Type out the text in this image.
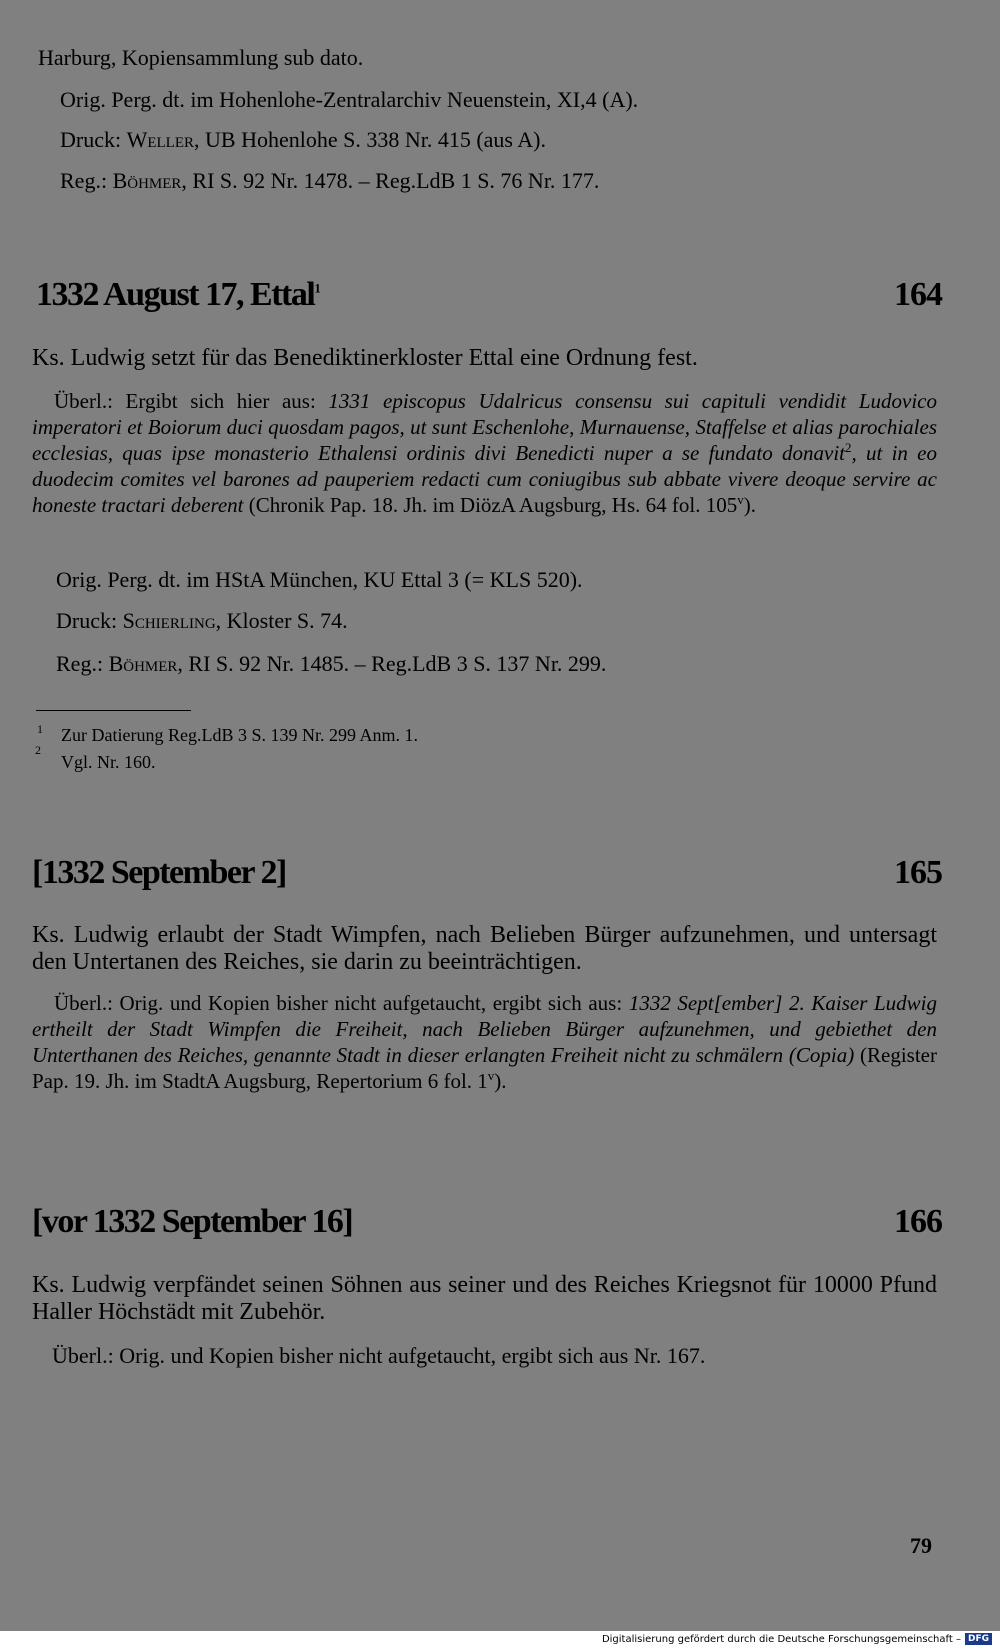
Harburg, Kopiensammlung sub dato.
Orig. Perg. dt. im Hohenlohe-Zentralarchiv Neuenstein, XI,4 (A).
Druck: Weller, UB Hohenlohe S. 338 Nr. 415 (aus A).
Reg.: Böhmer, RI S. 92 Nr. 1478. – Reg.LdB 1 S. 76 Nr. 177.
1332 August 17, Ettal$^1$	164
Ks. Ludwig setzt für das Benediktinerkloster Ettal eine Ordnung fest.
Überl.: Ergibt sich hier aus: 1331 episcopus Udalricus consensu sui capituli vendidit Ludovico imperatori et Boiorum duci quosdam pagos, ut sunt Eschenlohe, Murnauense, Staffelse et alias parochiales ecclesias, quas ipse monasterio Ethalensi ordinis divi Benedicti nuper a se fundato donavit$^2$, ut in eo duodecim comites vel barones ad pauperiem redacti cum coniugibus sub abbate vivere deoque servire ac honeste tractari deberent (Chronik Pap. 18. Jh. im DiözA Augsburg, Hs. 64 fol. 105$^v$).
Orig. Perg. dt. im HStA München, KU Ettal 3 (= KLS 520).
Druck: Schierling, Kloster S. 74.
Reg.: Böhmer, RI S. 92 Nr. 1485. – Reg.LdB 3 S. 137 Nr. 299.
1 Zur Datierung Reg.LdB 3 S. 139 Nr. 299 Anm. 1.
2Vgl. Nr. 160.
[1332 September 2]	165
Ks. Ludwig erlaubt der Stadt Wimpfen, nach Belieben Bürger aufzunehmen, und untersagt den Untertanen des Reiches, sie darin zu beeinträchtigen.
Überl.: Orig. und Kopien bisher nicht aufgetaucht, ergibt sich aus: 1332 Sept[ember] 2. Kaiser Ludwig ertheilt der Stadt Wimpfen die Freiheit, nach Belieben Bürger aufzunehmen, und gebiethet den Unterthanen des Reiches, genannte Stadt in dieser erlangten Freiheit nicht zu schmälern (Copia) (Register Pap. 19. Jh. im StadtA Augsburg, Repertorium 6 fol. 1$^v$).
[vor 1332 September 16]	166
Ks. Ludwig verpfändet seinen Söhnen aus seiner und des Reiches Kriegsnot für 10000 Pfund Haller Höchstädt mit Zubehör.
Überl.: Orig. und Kopien bisher nicht aufgetaucht, ergibt sich aus Nr. 167.
79
Digitalisierung gefördert durch die Deutsche Forschungsgemeinschaft – DFG
